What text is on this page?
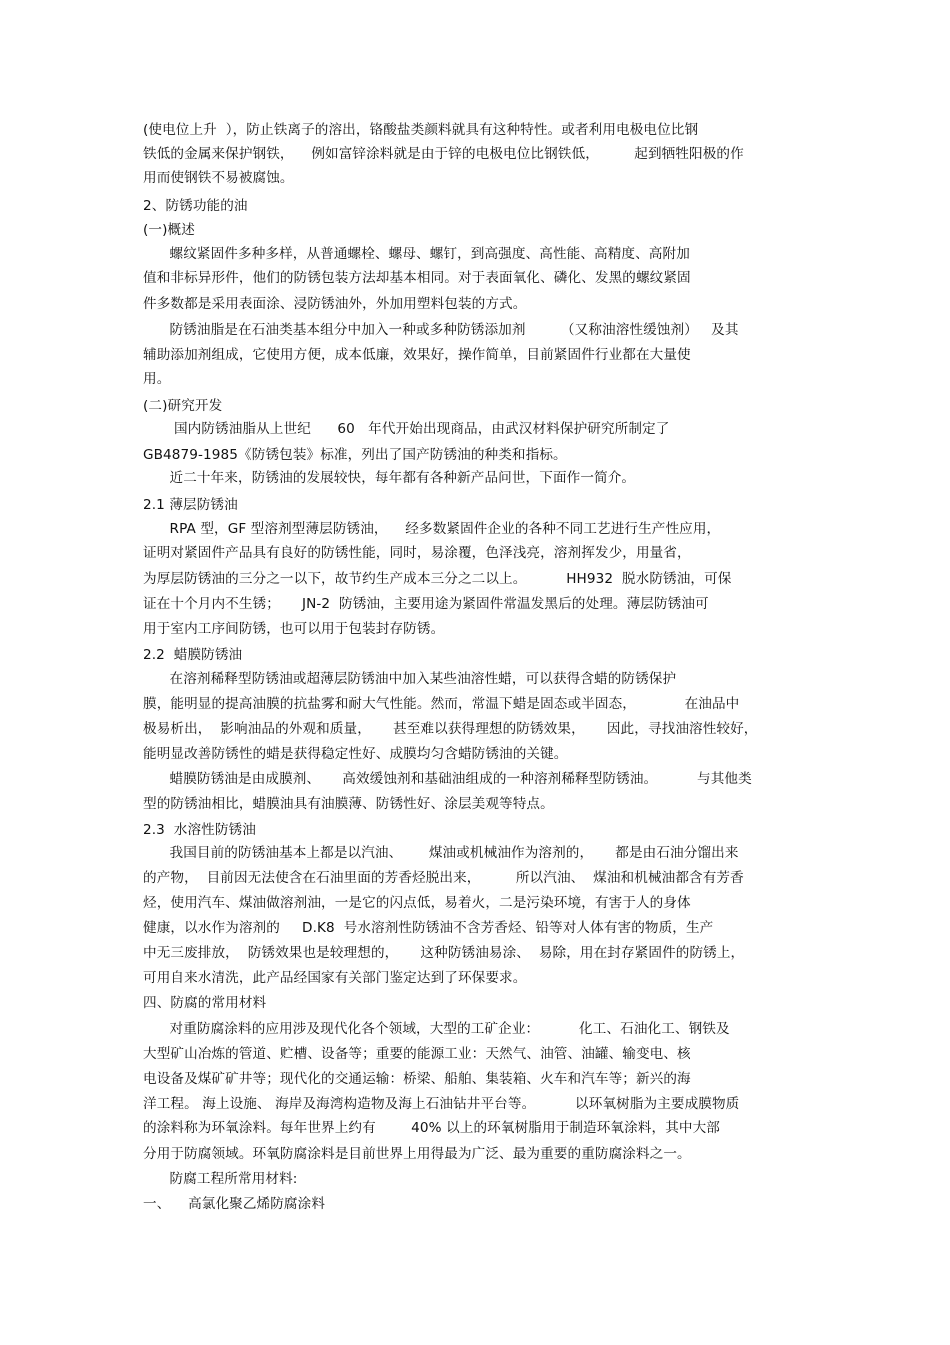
(使电位上升  ），防止铁离子的溶出，铬酸盐类颜料就具有这种特性。或者利用电极电位比钢
铁低的金属来保护钢铁，    例如富锌涂料就是由于锌的电极电位比钢铁低，        起到牺牲阳极的作
用而使钢铁不易被腐蚀。
2、防锈功能的油
(一)概述
螺纹紧固件多种多样，从普通螺栓、螺母、螺钉，到高强度、高性能、高精度、高附加
值和非标异形件，他们的防锈包装方法却基本相同。对于表面氧化、磷化、发黑的螺纹紧固
件多数都是采用表面涂、浸防锈油外，外加用塑料包装的方式。
防锈油脂是在石油类基本组分中加入一种或多种防锈添加剂        （又称油溶性缓蚀剂）   及其
辅助添加剂组成，它使用方便，成本低廉，效果好，操作简单，目前紧固件行业都在大量使
用。
(二)研究开发
国内防锈油脂从上世纪      60   年代开始出现商品，由武汉材料保护研究所制定了
GB4879-1985《防锈包装》标准，列出了国产防锈油的种类和指标。
近二十年来，防锈油的发展较快，每年都有各种新产品问世，下面作一简介。
2.1 薄层防锈油
RPA 型，GF 型溶剂型薄层防锈油，    经多数紧固件企业的各种不同工艺进行生产性应用，
证明对紧固件产品具有良好的防锈性能，同时，易涂覆，色泽浅亮，溶剂挥发少，用量省，
为厚层防锈油的三分之一以下，故节约生产成本三分之二以上。         HH932  脱水防锈油，可保
证在十个月内不生锈；     JN-2  防锈油，主要用途为紧固件常温发黑后的处理。薄层防锈油可
用于室内工序间防锈，也可以用于包装封存防锈。
2.2  蜡膜防锈油
在溶剂稀释型防锈油或超薄层防锈油中加入某些油溶性蜡，可以获得含蜡的防锈保护
膜，能明显的提高油膜的抗盐雾和耐大气性能。然而，常温下蜡是固态或半固态，           在油品中
极易析出，  影响油品的外观和质量，     甚至难以获得理想的防锈效果，     因此，寻找油溶性较好，
能明显改善防锈性的蜡是获得稳定性好、成膜均匀含蜡防锈油的关键。
蜡膜防锈油是由成膜剂、     高效缓蚀剂和基础油组成的一种溶剂稀释型防锈油。         与其他类
型的防锈油相比，蜡膜油具有油膜薄、防锈性好、涂层美观等特点。
2.3  水溶性防锈油
我国目前的防锈油基本上都是以汽油、      煤油或机械油作为溶剂的，     都是由石油分馏出来
的产物，  目前因无法使含在石油里面的芳香烃脱出来，        所以汽油、  煤油和机械油都含有芳香
烃，使用汽车、煤油做溶剂油，一是它的闪点低，易着火，二是污染环境，有害于人的身体
健康，以水作为溶剂的     D.K8  号水溶剂性防锈油不含芳香烃、铅等对人体有害的物质，生产
中无三废排放，  防锈效果也是较理想的，     这种防锈油易涂、  易除，用在封存紧固件的防锈上，
可用自来水清洗，此产品经国家有关部门鉴定达到了环保要求。
四、防腐的常用材料
对重防腐涂料的应用涉及现代化各个领域，大型的工矿企业：         化工、石油化工、钢铁及
大型矿山冶炼的管道、贮槽、设备等；重要的能源工业：天然气、油管、油罐、输变电、核
电设备及煤矿矿井等；现代化的交通运输：桥梁、船舶、集装箱、火车和汽车等；新兴的海
洋工程。 海上设施、 海岸及海湾构造物及海上石油钻井平台等。         以环氧树脂为主要成膜物质
的涂料称为环氧涂料。每年世界上约有        40% 以上的环氧树脂用于制造环氧涂料，其中大部
分用于防腐领域。环氧防腐涂料是目前世界上用得最为广泛、最为重要的重防腐涂料之一。
防腐工程所常用材料:
一、    高氯化聚乙烯防腐涂料
